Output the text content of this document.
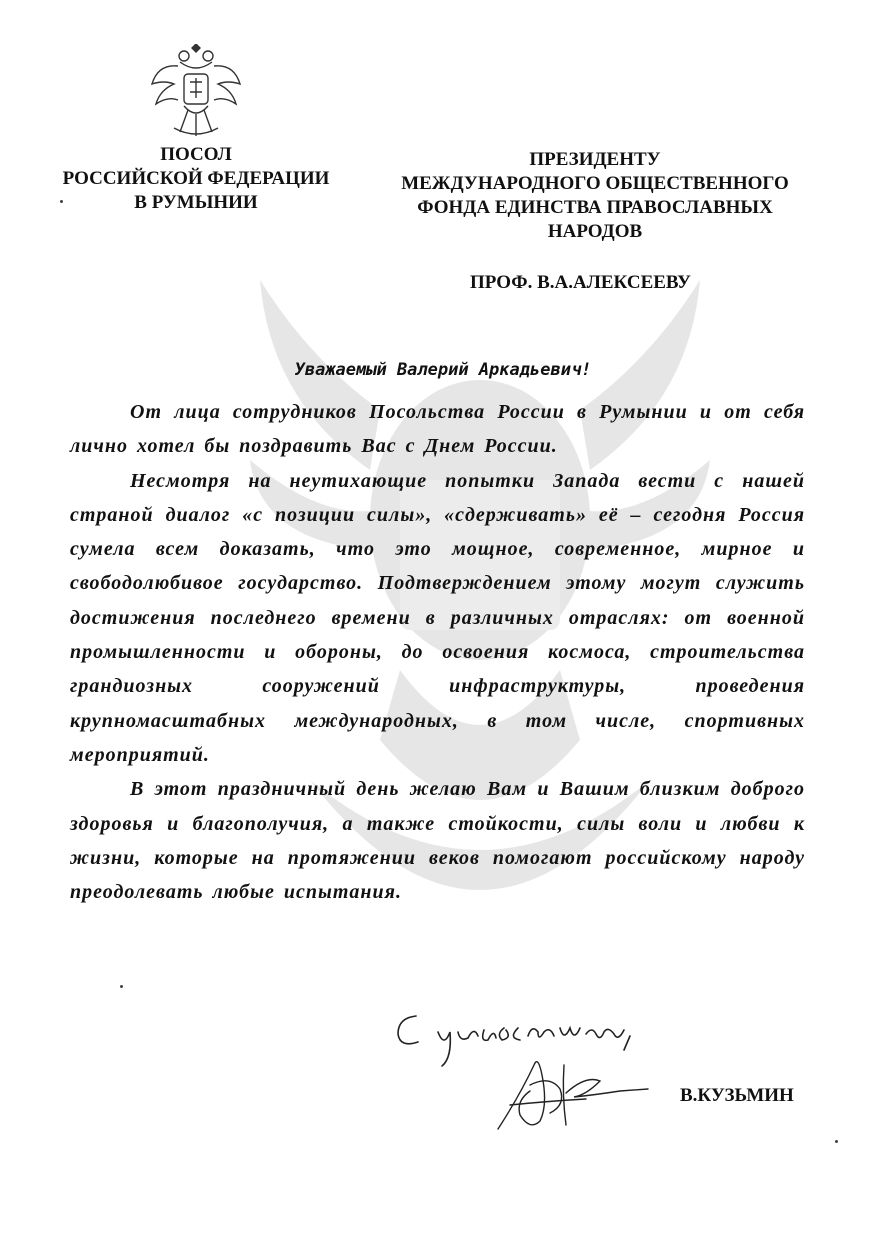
ПОСОЛ
РОССИЙСКОЙ ФЕДЕРАЦИИ
В РУМЫНИИ
ПРЕЗИДЕНТУ
МЕЖДУНАРОДНОГО ОБЩЕСТВЕННОГО
ФОНДА ЕДИНСТВА ПРАВОСЛАВНЫХ
НАРОДОВ
ПРОФ. В.А.АЛЕКСЕЕВУ
Уважаемый Валерий Аркадьевич!

От лица сотрудников Посольства России в Румынии и от себя лично хотел бы поздравить Вас с Днем России.

Несмотря на неутихающие попытки Запада вести с нашей страной диалог «с позиции силы», «сдерживать» её – сегодня Россия сумела всем доказать, что это мощное, современное, мирное и свободолюбивое государство. Подтверждением этому могут служить достижения последнего времени в различных отраслях: от военной промышленности и обороны, до освоения космоса, строительства грандиозных сооружений инфраструктуры, проведения крупномасштабных международных, в том числе, спортивных мероприятий.

В этот праздничный день желаю Вам и Вашим близким доброго здоровья и благополучия, а также стойкости, силы воли и любви к жизни, которые на протяжении веков помогают российскому народу преодолевать любые испытания.

В.КУЗЬМИН
